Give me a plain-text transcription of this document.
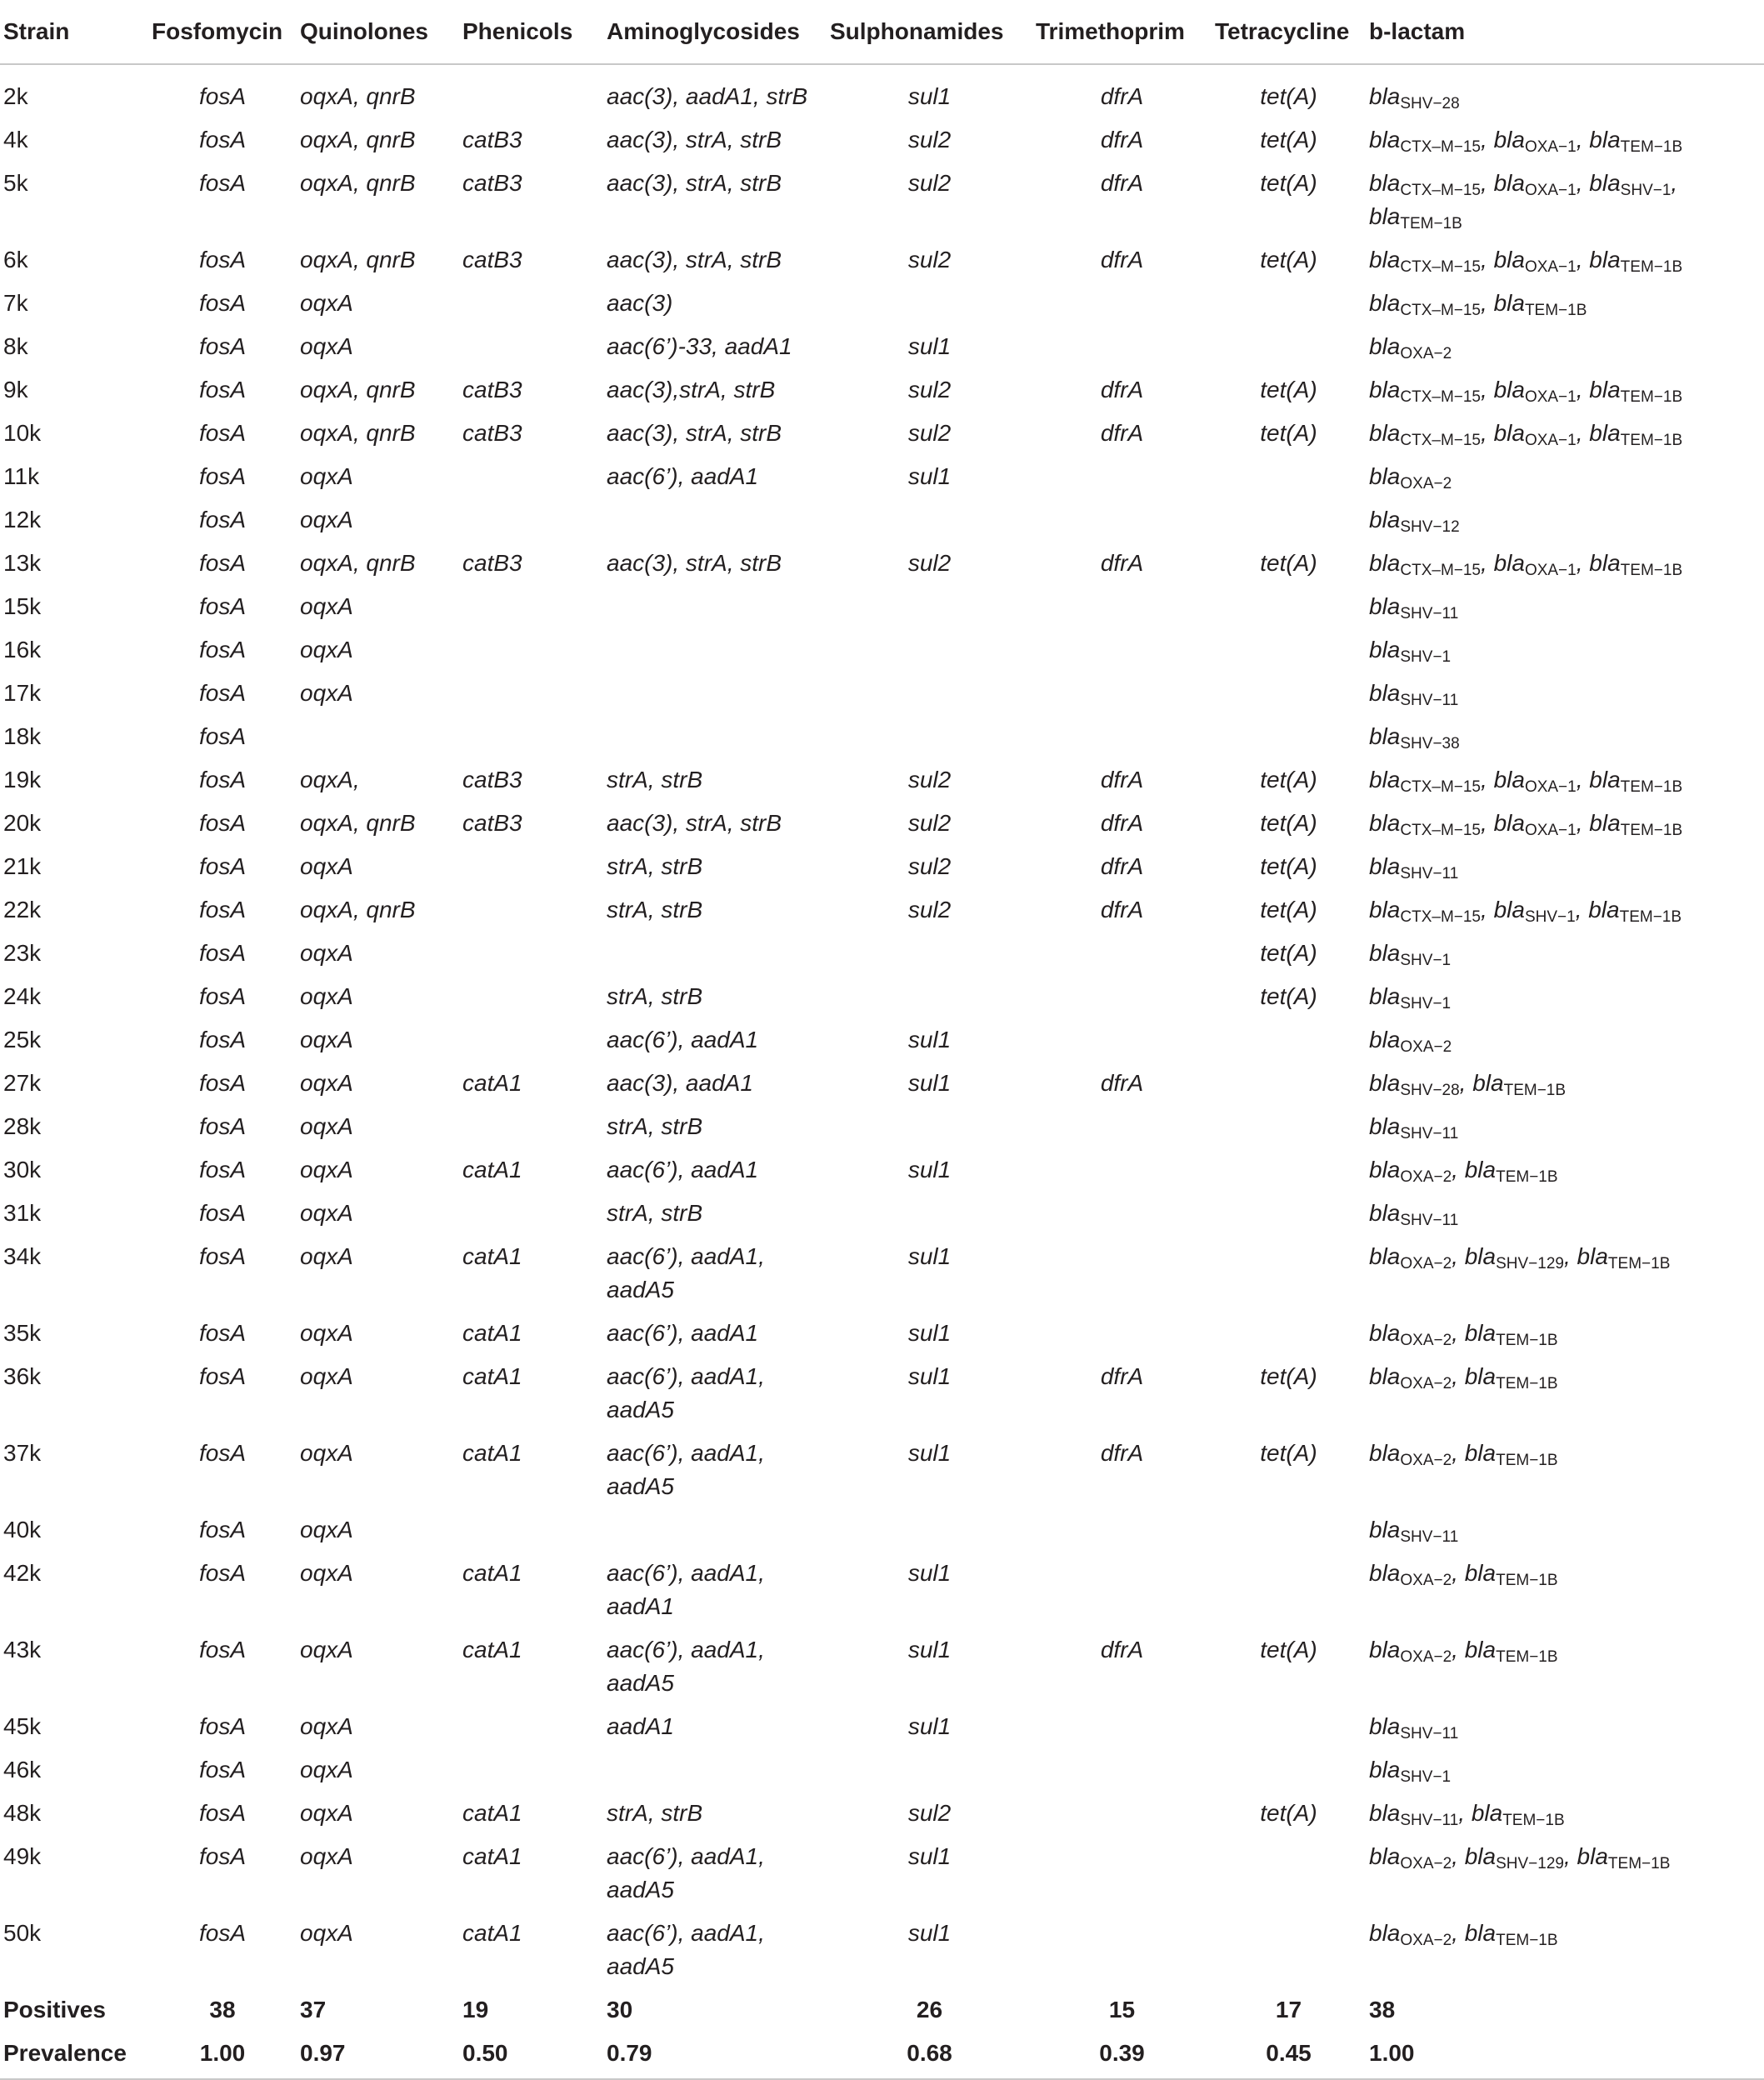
Strain	Fosfomycin	Quinolones	Phenicols	Aminoglycosides	Sulphonamides	Trimethoprim	Tetracycline	b-lactam
2k	fosA	oqxA, qnrB		aac(3), aadA1, strB	sul1	dfrA	tet(A)	bla$_{SHV-28}$
4k	fosA	oqxA, qnrB	catB3	aac(3), strA, strB	sul2	dfrA	tet(A)	bla$_{CTX-M-15}$, bla$_{OXA-1}$, bla$_{TEM-1B}$
5k	fosA	oqxA, qnrB	catB3	aac(3), strA, strB	sul2	dfrA	tet(A)	bla$_{CTX-M-15}$, bla$_{OXA-1}$, bla$_{SHV-1}$, bla$_{TEM-1B}$
6k	fosA	oqxA, qnrB	catB3	aac(3), strA, strB	sul2	dfrA	tet(A)	bla$_{CTX-M-15}$, bla$_{OXA-1}$, bla$_{TEM-1B}$
7k	fosA	oqxA		aac(3)				bla$_{CTX-M-15}$, bla$_{TEM-1B}$
8k	fosA	oqxA		aac(6’)-33, aadA1	sul1			bla$_{OXA-2}$
9k	fosA	oqxA, qnrB	catB3	aac(3),strA, strB	sul2	dfrA	tet(A)	bla$_{CTX-M-15}$, bla$_{OXA-1}$, bla$_{TEM-1B}$
10k	fosA	oqxA, qnrB	catB3	aac(3), strA, strB	sul2	dfrA	tet(A)	bla$_{CTX-M-15}$, bla$_{OXA-1}$, bla$_{TEM-1B}$
11k	fosA	oqxA		aac(6’), aadA1	sul1			bla$_{OXA-2}$
12k	fosA	oqxA						bla$_{SHV-12}$
13k	fosA	oqxA, qnrB	catB3	aac(3), strA, strB	sul2	dfrA	tet(A)	bla$_{CTX-M-15}$, bla$_{OXA-1}$, bla$_{TEM-1B}$
15k	fosA	oqxA						bla$_{SHV-11}$
16k	fosA	oqxA						bla$_{SHV-1}$
17k	fosA	oqxA						bla$_{SHV-11}$
18k	fosA							bla$_{SHV-38}$
19k	fosA	oqxA,	catB3	strA, strB	sul2	dfrA	tet(A)	bla$_{CTX-M-15}$, bla$_{OXA-1}$, bla$_{TEM-1B}$
20k	fosA	oqxA, qnrB	catB3	aac(3), strA, strB	sul2	dfrA	tet(A)	bla$_{CTX-M-15}$, bla$_{OXA-1}$, bla$_{TEM-1B}$
21k	fosA	oqxA		strA, strB	sul2	dfrA	tet(A)	bla$_{SHV-11}$
22k	fosA	oqxA, qnrB		strA, strB	sul2	dfrA	tet(A)	bla$_{CTX-M-15}$, bla$_{SHV-1}$, bla$_{TEM-1B}$
23k	fosA	oqxA					tet(A)	bla$_{SHV-1}$
24k	fosA	oqxA		strA, strB			tet(A)	bla$_{SHV-1}$
25k	fosA	oqxA		aac(6’), aadA1	sul1			bla$_{OXA-2}$
27k	fosA	oqxA	catA1	aac(3), aadA1	sul1	dfrA		bla$_{SHV-28}$, bla$_{TEM-1B}$
28k	fosA	oqxA		strA, strB				bla$_{SHV-11}$
30k	fosA	oqxA	catA1	aac(6’), aadA1	sul1			bla$_{OXA-2}$, bla$_{TEM-1B}$
31k	fosA	oqxA		strA, strB				bla$_{SHV-11}$
34k	fosA	oqxA	catA1	aac(6’), aadA1, aadA5	sul1			bla$_{OXA-2}$, bla$_{SHV-129}$, bla$_{TEM-1B}$
35k	fosA	oqxA	catA1	aac(6’), aadA1	sul1			bla$_{OXA-2}$, bla$_{TEM-1B}$
36k	fosA	oqxA	catA1	aac(6’), aadA1, aadA5	sul1	dfrA	tet(A)	bla$_{OXA-2}$, bla$_{TEM-1B}$
37k	fosA	oqxA	catA1	aac(6’), aadA1, aadA5	sul1	dfrA	tet(A)	bla$_{OXA-2}$, bla$_{TEM-1B}$
40k	fosA	oqxA						bla$_{SHV-11}$
42k	fosA	oqxA	catA1	aac(6’), aadA1, aadA1	sul1			bla$_{OXA-2}$, bla$_{TEM-1B}$
43k	fosA	oqxA	catA1	aac(6’), aadA1, aadA5	sul1	dfrA	tet(A)	bla$_{OXA-2}$, bla$_{TEM-1B}$
45k	fosA	oqxA		aadA1	sul1			bla$_{SHV-11}$
46k	fosA	oqxA						bla$_{SHV-1}$
48k	fosA	oqxA	catA1	strA, strB	sul2		tet(A)	bla$_{SHV-11}$, bla$_{TEM-1B}$
49k	fosA	oqxA	catA1	aac(6’), aadA1, aadA5	sul1			bla$_{OXA-2}$, bla$_{SHV-129}$, bla$_{TEM-1B}$
50k	fosA	oqxA	catA1	aac(6’), aadA1, aadA5	sul1			bla$_{OXA-2}$, bla$_{TEM-1B}$
Positives	38	37	19	30	26	15	17	38
Prevalence	1.00	0.97	0.50	0.79	0.68	0.39	0.45	1.00
